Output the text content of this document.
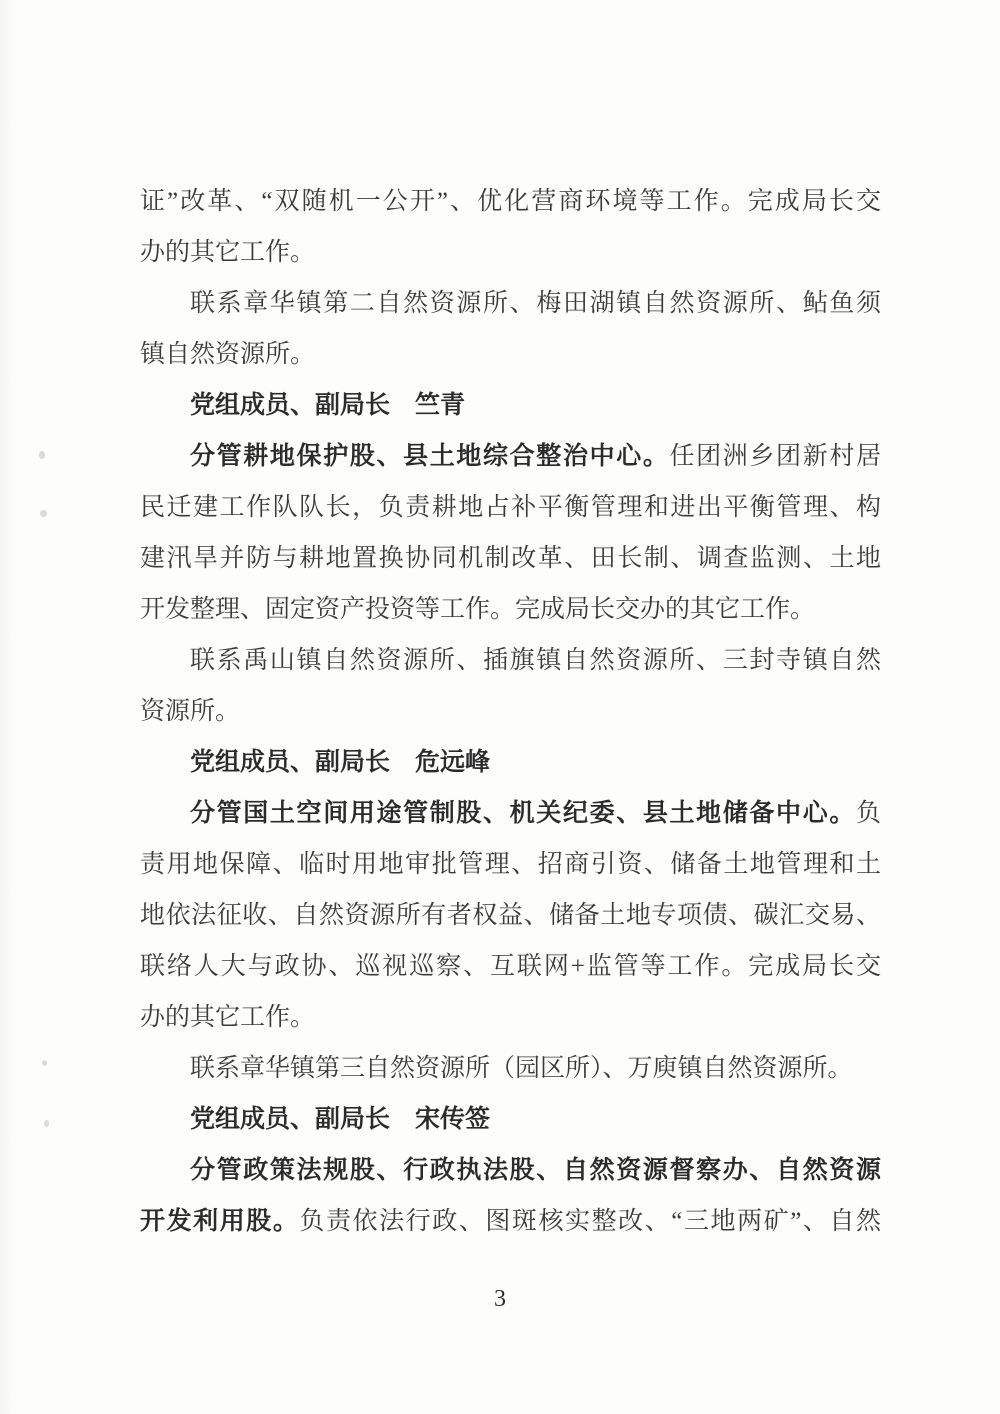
证”改革、“双随机一公开”、优化营商环境等工作。完成局长交
办的其它工作。
联系章华镇第二自然资源所、梅田湖镇自然资源所、鲇鱼须
镇自然资源所。
党组成员、副局长　竺青
分管耕地保护股、县土地综合整治中心。任团洲乡团新村居
民迁建工作队队长，负责耕地占补平衡管理和进出平衡管理、构
建汛旱并防与耕地置换协同机制改革、田长制、调查监测、土地
开发整理、固定资产投资等工作。完成局长交办的其它工作。
联系禹山镇自然资源所、插旗镇自然资源所、三封寺镇自然
资源所。
党组成员、副局长　危远峰
分管国土空间用途管制股、机关纪委、县土地储备中心。负
责用地保障、临时用地审批管理、招商引资、储备土地管理和土
地依法征收、自然资源所有者权益、储备土地专项债、碳汇交易、
联络人大与政协、巡视巡察、互联网+监管等工作。完成局长交
办的其它工作。
联系章华镇第三自然资源所（园区所）、万庾镇自然资源所。
党组成员、副局长　宋传签
分管政策法规股、行政执法股、自然资源督察办、自然资源
开发利用股。负责依法行政、图斑核实整改、“三地两矿”、自然
3
